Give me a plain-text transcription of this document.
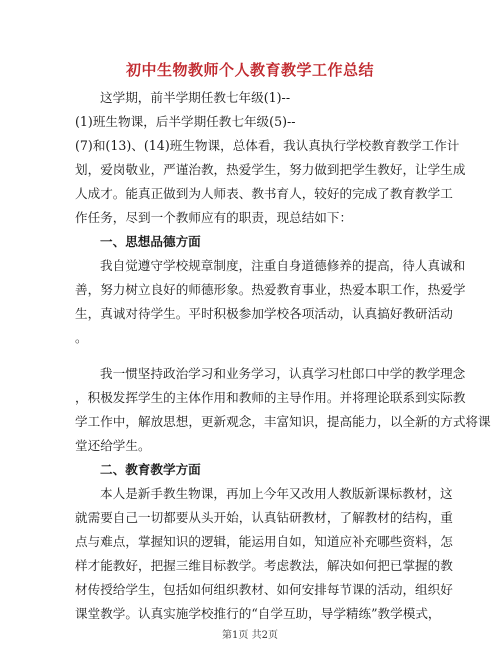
初中生物教师个人教育教学工作总结
这学期，前半学期任教七年级(1)--
(1)班生物课，后半学期任教七年级(5)--
(7)和(13)、(14)班生物课，总体看，我认真执行学校教育教学工作计
划，爱岗敬业，严谨治教，热爱学生，努力做到把学生教好，让学生成
人成才。能真正做到为人师表、教书育人，较好的完成了教育教学工
作任务，尽到一个教师应有的职责，现总结如下：
一、思想品德方面
我自觉遵守学校规章制度，注重自身道德修养的提高，待人真诚和
善，努力树立良好的师德形象。热爱教育事业，热爱本职工作，热爱学
生，真诚对待学生。平时积极参加学校各项活动，认真搞好教研活动
。
我一惯坚持政治学习和业务学习，认真学习杜郎口中学的教学理念
，积极发挥学生的主体作用和教师的主导作用。并将理论联系到实际教
学工作中，解放思想，更新观念，丰富知识，提高能力，以全新的方式将课
堂还给学生。
二、教育教学方面
本人是新手教生物课，再加上今年又改用人教版新课标教材，这
就需要自己一切都要从头开始，认真钻研教材，了解教材的结构，重
点与难点，掌握知识的逻辑，能运用自如，知道应补充哪些资料，怎
样才能教好，把握三维目标教学。考虑教法，解决如何把已掌握的教
材传授给学生，包括如何组织教材、如何安排每节课的活动，组织好
课堂教学。认真实施学校推行的“自学互助，导学精练”教学模式，
第1页 共2页
